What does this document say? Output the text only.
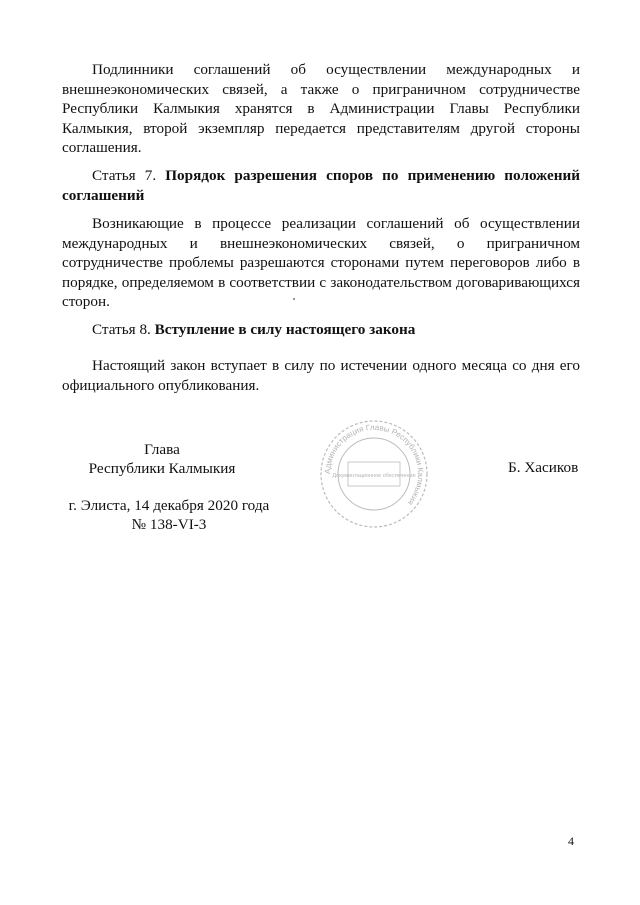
Подлинники соглашений об осуществлении международных и внешнеэкономических связей, а также о приграничном сотрудничестве Республики Калмыкия хранятся в Администрации Главы Республики Калмыкия, второй экземпляр передается представителям другой стороны соглашения.

Статья 7. Порядок разрешения споров по применению положений соглашений

Возникающие в процессе реализации соглашений об осуществлении международных и внешнеэкономических связей, о приграничном сотрудничестве проблемы разрешаются сторонами путем переговоров либо в порядке, определяемом в соответствии с законодательством договаривающихся сторон.

Статья 8. Вступление в силу настоящего закона

Настоящий закон вступает в силу по истечении одного месяца со дня его официального опубликования.

Глава
Республики Калмыкия	Администрация Главы Республики Калмыкия
Документационное обеспечение	Б. Хасиков
г. Элиста, 14 декабря 2020 года
№ 138-VI-3
4
